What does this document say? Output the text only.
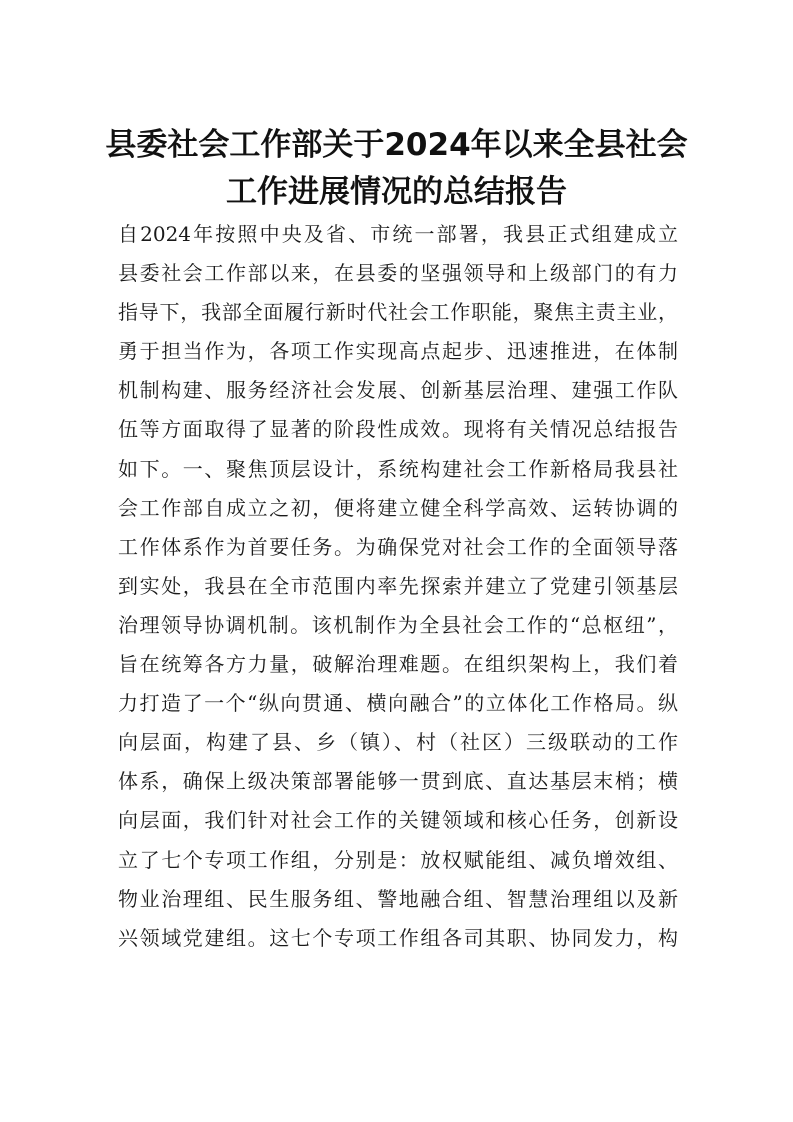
县委社会工作部关于2024年以来全县社会
工作进展情况的总结报告
自2024年按照中央及省、市统一部署，我县正式组建成立
县委社会工作部以来，在县委的坚强领导和上级部门的有力
指导下，我部全面履行新时代社会工作职能，聚焦主责主业，
勇于担当作为，各项工作实现高点起步、迅速推进，在体制
机制构建、服务经济社会发展、创新基层治理、建强工作队
伍等方面取得了显著的阶段性成效。现将有关情况总结报告
如下。一、聚焦顶层设计，系统构建社会工作新格局我县社
会工作部自成立之初，便将建立健全科学高效、运转协调的
工作体系作为首要任务。为确保党对社会工作的全面领导落
到实处，我县在全市范围内率先探索并建立了党建引领基层
治理领导协调机制。该机制作为全县社会工作的“总枢纽”，
旨在统筹各方力量，破解治理难题。在组织架构上，我们着
力打造了一个“纵向贯通、横向融合”的立体化工作格局。纵
向层面，构建了县、乡（镇）、村（社区）三级联动的工作
体系，确保上级决策部署能够一贯到底、直达基层末梢；横
向层面，我们针对社会工作的关键领域和核心任务，创新设
立了七个专项工作组，分别是：放权赋能组、减负增效组、
物业治理组、民生服务组、警地融合组、智慧治理组以及新
兴领域党建组。这七个专项工作组各司其职、协同发力，构
